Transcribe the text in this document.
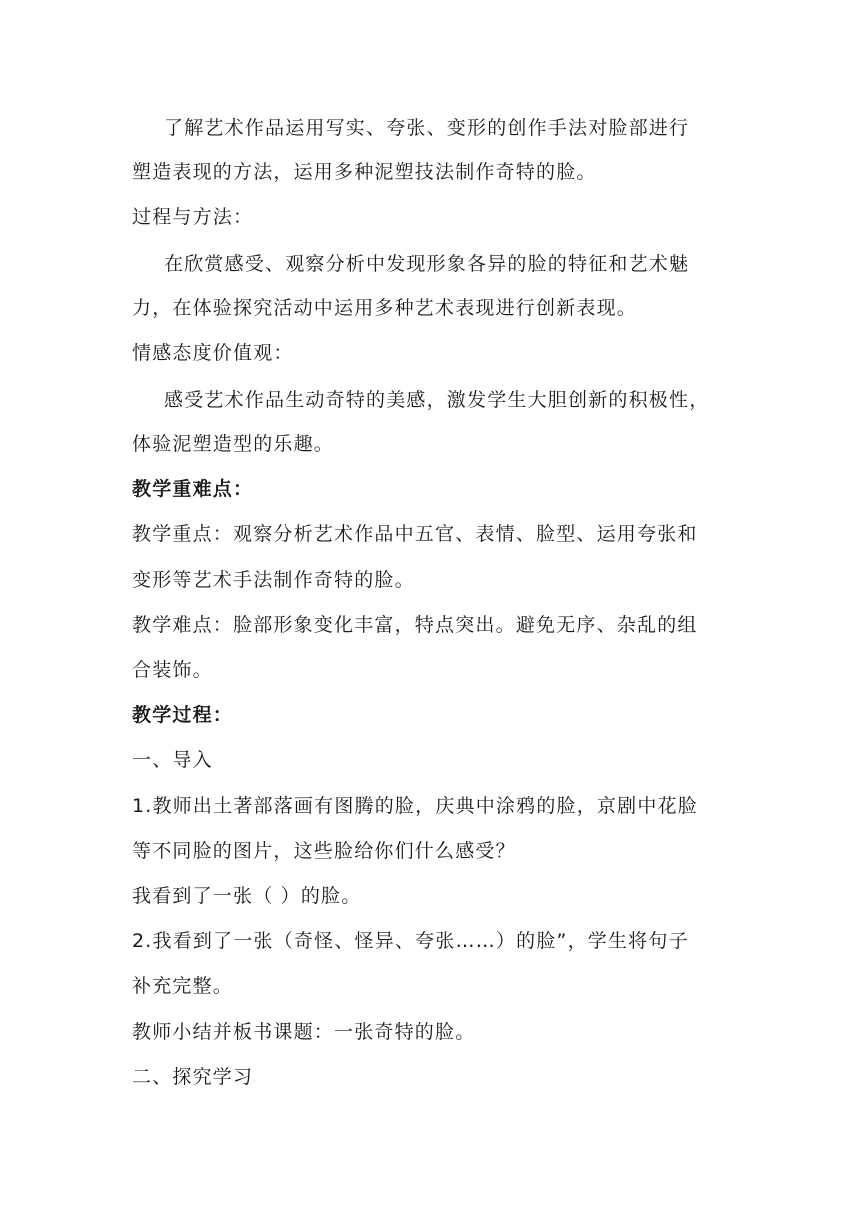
了解艺术作品运用写实、夸张、变形的创作手法对脸部进行
塑造表现的方法，运用多种泥塑技法制作奇特的脸。
过程与方法：
在欣赏感受、观察分析中发现形象各异的脸的特征和艺术魅
力，在体验探究活动中运用多种艺术表现进行创新表现。
情感态度价值观：
感受艺术作品生动奇特的美感，激发学生大胆创新的积极性，
体验泥塑造型的乐趣。
教学重难点：
教学重点：观察分析艺术作品中五官、表情、脸型、运用夸张和
变形等艺术手法制作奇特的脸。
教学难点：脸部形象变化丰富，特点突出。避免无序、杂乱的组
合装饰。
教学过程：
一、导入
1.教师出土著部落画有图腾的脸，庆典中涂鸦的脸，京剧中花脸
等不同脸的图片，这些脸给你们什么感受？
我看到了一张（ ）的脸。
2.我看到了一张（奇怪、怪异、夸张……）的脸”，学生将句子
补充完整。
教师小结并板书课题：一张奇特的脸。
二、探究学习
